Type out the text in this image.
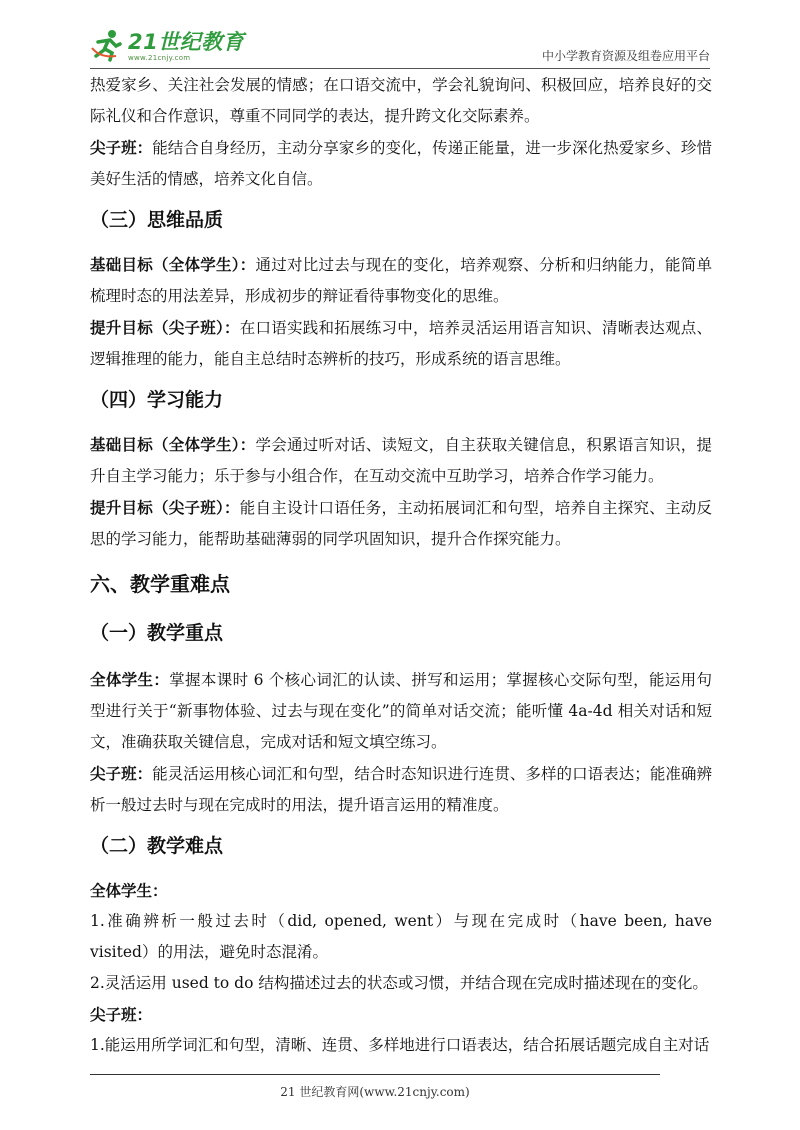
21世纪教育
www.21cnjy.com	中小学教育资源及组卷应用平台

热爱家乡、关注社会发展的情感；在口语交流中，学会礼貌询问、积极回应，培养良好的交际礼仪和合作意识，尊重不同同学的表达，提升跨文化交际素养。

尖子班：能结合自身经历，主动分享家乡的变化，传递正能量，进一步深化热爱家乡、珍惜美好生活的情感，培养文化自信。

（三）思维品质

基础目标（全体学生）：通过对比过去与现在的变化，培养观察、分析和归纳能力，能简单梳理时态的用法差异，形成初步的辩证看待事物变化的思维。

提升目标（尖子班）：在口语实践和拓展练习中，培养灵活运用语言知识、清晰表达观点、逻辑推理的能力，能自主总结时态辨析的技巧，形成系统的语言思维。

（四）学习能力

基础目标（全体学生）：学会通过听对话、读短文，自主获取关键信息，积累语言知识，提升自主学习能力；乐于参与小组合作，在互动交流中互助学习，培养合作学习能力。

提升目标（尖子班）：能自主设计口语任务，主动拓展词汇和句型，培养自主探究、主动反思的学习能力，能帮助基础薄弱的同学巩固知识，提升合作探究能力。

六、教学重难点
（一）教学重点

全体学生：掌握本课时 6 个核心词汇的认读、拼写和运用；掌握核心交际句型，能运用句型进行关于“新事物体验、过去与现在变化”的简单对话交流；能听懂 4a-4d 相关对话和短文，准确获取关键信息，完成对话和短文填空练习。

尖子班：能灵活运用核心词汇和句型，结合时态知识进行连贯、多样的口语表达；能准确辨析一般过去时与现在完成时的用法，提升语言运用的精准度。

（二）教学难点

全体学生：

1.准确辨析一般过去时（did, opened, went）与现在完成时（have been, have visited）的用法，避免时态混淆。

2.灵活运用 used to do 结构描述过去的状态或习惯，并结合现在完成时描述现在的变化。

尖子班：

1.能运用所学词汇和句型，清晰、连贯、多样地进行口语表达，结合拓展话题完成自主对话

21 世纪教育网(www.21cnjy.com)
